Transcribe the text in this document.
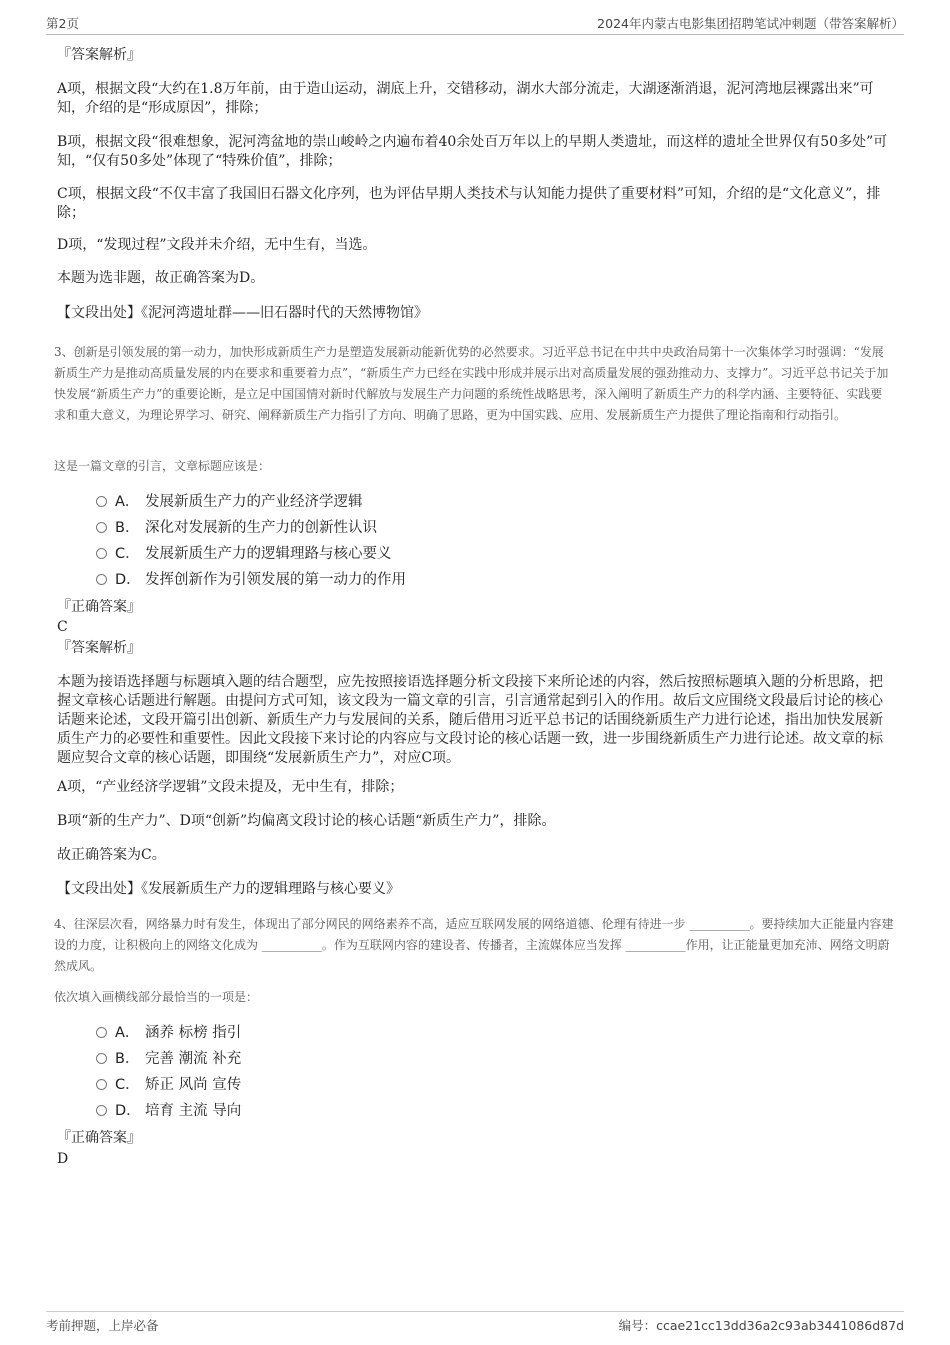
第2页	2024年内蒙古电影集团招聘笔试冲刺题（带答案解析）
『答案解析』
A项，根据文段“大约在1.8万年前，由于造山运动，湖底上升，交错移动，湖水大部分流走，大湖逐渐消退，泥河湾地层裸露出来”可知，介绍的是“形成原因”，排除；
B项，根据文段“很难想象，泥河湾盆地的崇山峻岭之内遍布着40余处百万年以上的早期人类遗址，而这样的遗址全世界仅有50多处”可知，“仅有50多处”体现了“特殊价值”，排除；
C项，根据文段“不仅丰富了我国旧石器文化序列，也为评估早期人类技术与认知能力提供了重要材料”可知，介绍的是“文化意义”，排除；
D项，“发现过程”文段并未介绍，无中生有，当选。
本题为选非题，故正确答案为D。
【文段出处】《泥河湾遗址群——旧石器时代的天然博物馆》
3、创新是引领发展的第一动力，加快形成新质生产力是塑造发展新动能新优势的必然要求。习近平总书记在中共中央政治局第十一次集体学习时强调：“发展新质生产力是推动高质量发展的内在要求和重要着力点”，“新质生产力已经在实践中形成并展示出对高质量发展的强劲推动力、支撑力”。习近平总书记关于加快发展“新质生产力”的重要论断，是立足中国国情对新时代解放与发展生产力问题的系统性战略思考，深入阐明了新质生产力的科学内涵、主要特征、实践要求和重大意义，为理论界学习、研究、阐释新质生产力指引了方向、明确了思路，更为中国实践、应用、发展新质生产力提供了理论指南和行动指引。
这是一篇文章的引言，文章标题应该是：
A． 发展新质生产力的产业经济学逻辑
B． 深化对发展新的生产力的创新性认识
C． 发展新质生产力的逻辑理路与核心要义
D． 发挥创新作为引领发展的第一动力的作用
『正确答案』
C
『答案解析』
本题为接语选择题与标题填入题的结合题型，应先按照接语选择题分析文段接下来所论述的内容，然后按照标题填入题的分析思路，把握文章核心话题进行解题。由提问方式可知，该文段为一篇文章的引言，引言通常起到引入的作用。故后文应围绕文段最后讨论的核心话题来论述，文段开篇引出创新、新质生产力与发展间的关系，随后借用习近平总书记的话围绕新质生产力进行论述，指出加快发展新质生产力的必要性和重要性。因此文段接下来讨论的内容应与文段讨论的核心话题一致，进一步围绕新质生产力进行论述。故文章的标题应契合文章的核心话题，即围绕“发展新质生产力”，对应C项。
A项，“产业经济学逻辑”文段未提及，无中生有，排除；
B项“新的生产力”、D项“创新”均偏离文段讨论的核心话题“新质生产力”，排除。
故正确答案为C。
【文段出处】《发展新质生产力的逻辑理路与核心要义》
4、往深层次看，网络暴力时有发生，体现出了部分网民的网络素养不高，适应互联网发展的网络道德、伦理有待进一步 __________。要持续加大正能量内容建设的力度，让积极向上的网络文化成为 __________。作为互联网内容的建设者、传播者，主流媒体应当发挥 __________作用，让正能量更加充沛、网络文明蔚然成风。
依次填入画横线部分最恰当的一项是：
A． 涵养 标榜 指引
B． 完善 潮流 补充
C． 矫正 风尚 宣传
D． 培育 主流 导向
『正确答案』
D
考前押题，上岸必备	编号：ccae21cc13dd36a2c93ab3441086d87d
